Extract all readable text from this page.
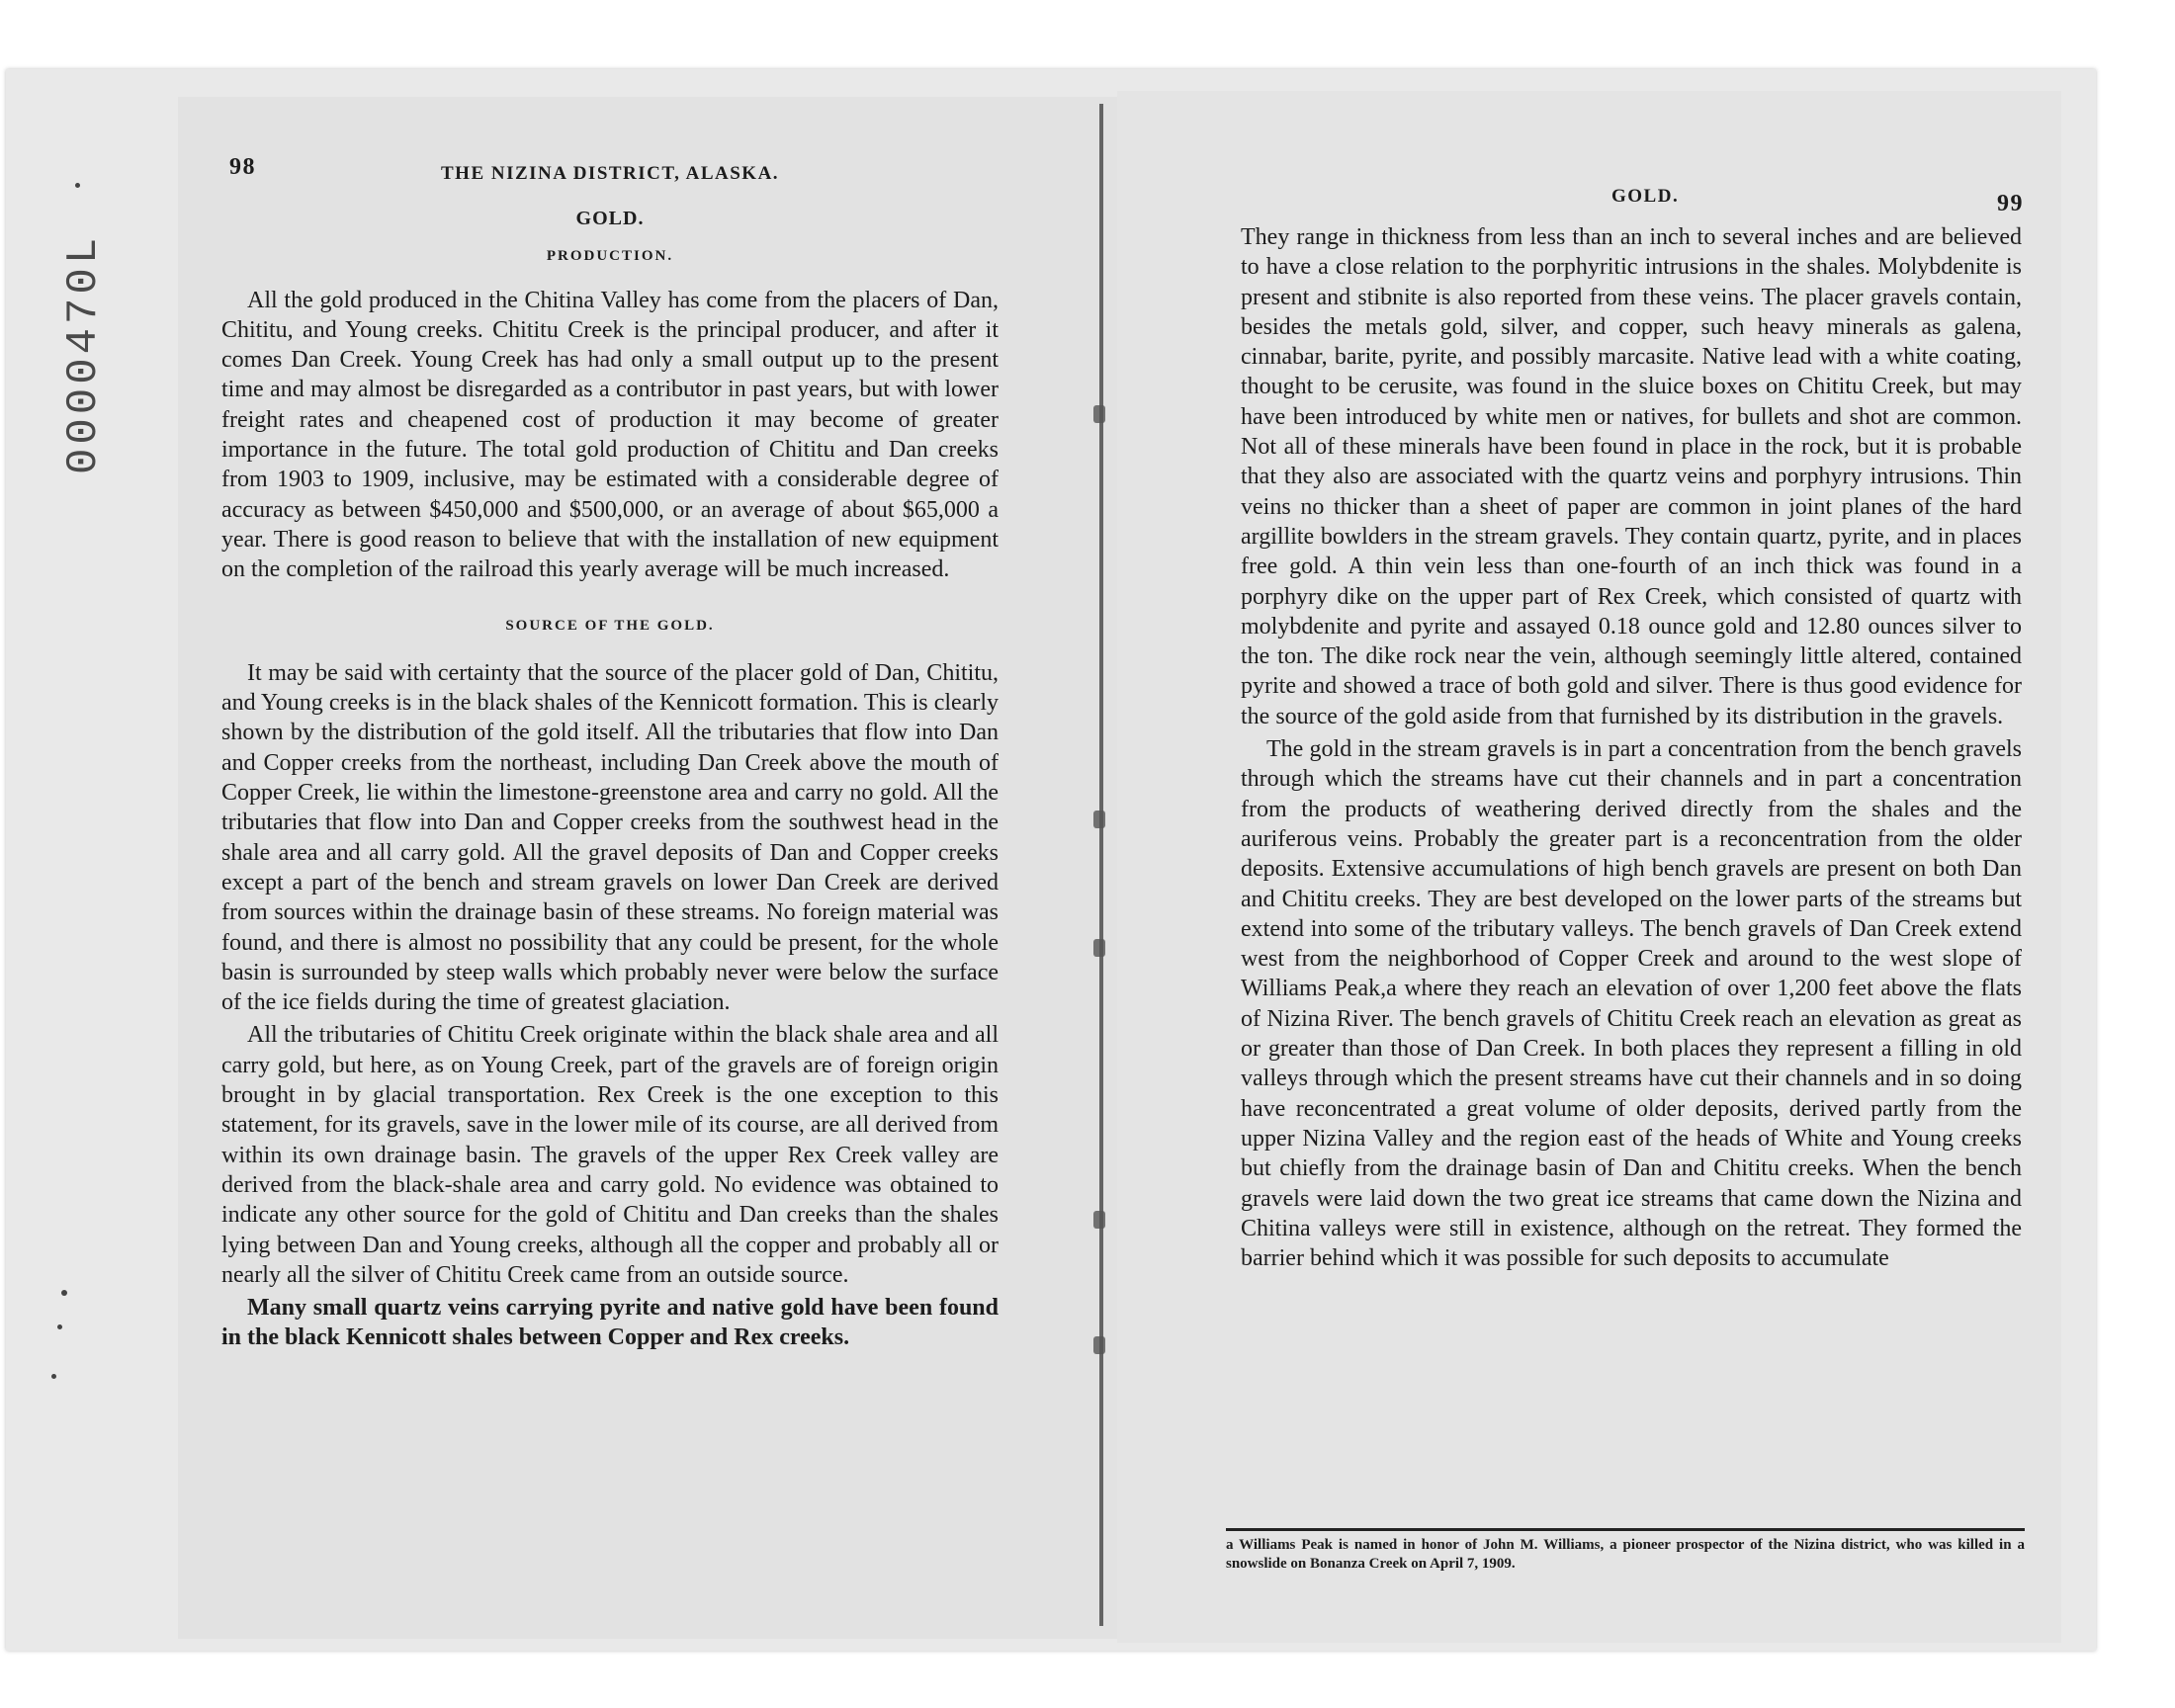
0000470L
98	THE NIZINA DISTRICT, ALASKA.
GOLD.
PRODUCTION.

All the gold produced in the Chitina Valley has come from the placers of Dan, Chititu, and Young creeks. Chititu Creek is the principal producer, and after it comes Dan Creek. Young Creek has had only a small output up to the present time and may almost be disregarded as a contributor in past years, but with lower freight rates and cheapened cost of production it may become of greater importance in the future. The total gold production of Chititu and Dan creeks from 1903 to 1909, inclusive, may be estimated with a considerable degree of accuracy as between $450,000 and $500,000, or an average of about $65,000 a year. There is good reason to believe that with the installation of new equipment on the completion of the railroad this yearly average will be much increased.

SOURCE OF THE GOLD.

It may be said with certainty that the source of the placer gold of Dan, Chititu, and Young creeks is in the black shales of the Kennicott formation. This is clearly shown by the distribution of the gold itself. All the tributaries that flow into Dan and Copper creeks from the northeast, including Dan Creek above the mouth of Copper Creek, lie within the limestone-greenstone area and carry no gold. All the tributaries that flow into Dan and Copper creeks from the southwest head in the shale area and all carry gold. All the gravel deposits of Dan and Copper creeks except a part of the bench and stream gravels on lower Dan Creek are derived from sources within the drainage basin of these streams. No foreign material was found, and there is almost no possibility that any could be present, for the whole basin is surrounded by steep walls which probably never were below the surface of the ice fields during the time of greatest glaciation.

All the tributaries of Chititu Creek originate within the black shale area and all carry gold, but here, as on Young Creek, part of the gravels are of foreign origin brought in by glacial transportation. Rex Creek is the one exception to this statement, for its gravels, save in the lower mile of its course, are all derived from within its own drainage basin. The gravels of the upper Rex Creek valley are derived from the black-shale area and carry gold. No evidence was obtained to indicate any other source for the gold of Chititu and Dan creeks than the shales lying between Dan and Young creeks, although all the copper and probably all or nearly all the silver of Chititu Creek came from an outside source.

Many small quartz veins carrying pyrite and native gold have been found in the black Kennicott shales between Copper and Rex creeks.

GOLD.	99

They range in thickness from less than an inch to several inches and are believed to have a close relation to the porphyritic intrusions in the shales. Molybdenite is present and stibnite is also reported from these veins. The placer gravels contain, besides the metals gold, silver, and copper, such heavy minerals as galena, cinnabar, barite, pyrite, and possibly marcasite. Native lead with a white coating, thought to be cerusite, was found in the sluice boxes on Chititu Creek, but may have been introduced by white men or natives, for bullets and shot are common. Not all of these minerals have been found in place in the rock, but it is probable that they also are associated with the quartz veins and porphyry intrusions. Thin veins no thicker than a sheet of paper are common in joint planes of the hard argillite bowlders in the stream gravels. They contain quartz, pyrite, and in places free gold. A thin vein less than one-fourth of an inch thick was found in a porphyry dike on the upper part of Rex Creek, which consisted of quartz with molybdenite and pyrite and assayed 0.18 ounce gold and 12.80 ounces silver to the ton. The dike rock near the vein, although seemingly little altered, contained pyrite and showed a trace of both gold and silver. There is thus good evidence for the source of the gold aside from that furnished by its distribution in the gravels.

The gold in the stream gravels is in part a concentration from the bench gravels through which the streams have cut their channels and in part a concentration from the products of weathering derived directly from the shales and the auriferous veins. Probably the greater part is a reconcentration from the older deposits. Extensive accumulations of high bench gravels are present on both Dan and Chititu creeks. They are best developed on the lower parts of the streams but extend into some of the tributary valleys. The bench gravels of Dan Creek extend west from the neighborhood of Copper Creek and around to the west slope of Williams Peak,a where they reach an elevation of over 1,200 feet above the flats of Nizina River. The bench gravels of Chititu Creek reach an elevation as great as or greater than those of Dan Creek. In both places they represent a filling in old valleys through which the present streams have cut their channels and in so doing have reconcentrated a great volume of older deposits, derived partly from the upper Nizina Valley and the region east of the heads of White and Young creeks but chiefly from the drainage basin of Dan and Chititu creeks. When the bench gravels were laid down the two great ice streams that came down the Nizina and Chitina valleys were still in existence, although on the retreat. They formed the barrier behind which it was possible for such deposits to accumulate

a Williams Peak is named in honor of John M. Williams, a pioneer prospector of the Nizina district, who was killed in a snowslide on Bonanza Creek on April 7, 1909.
